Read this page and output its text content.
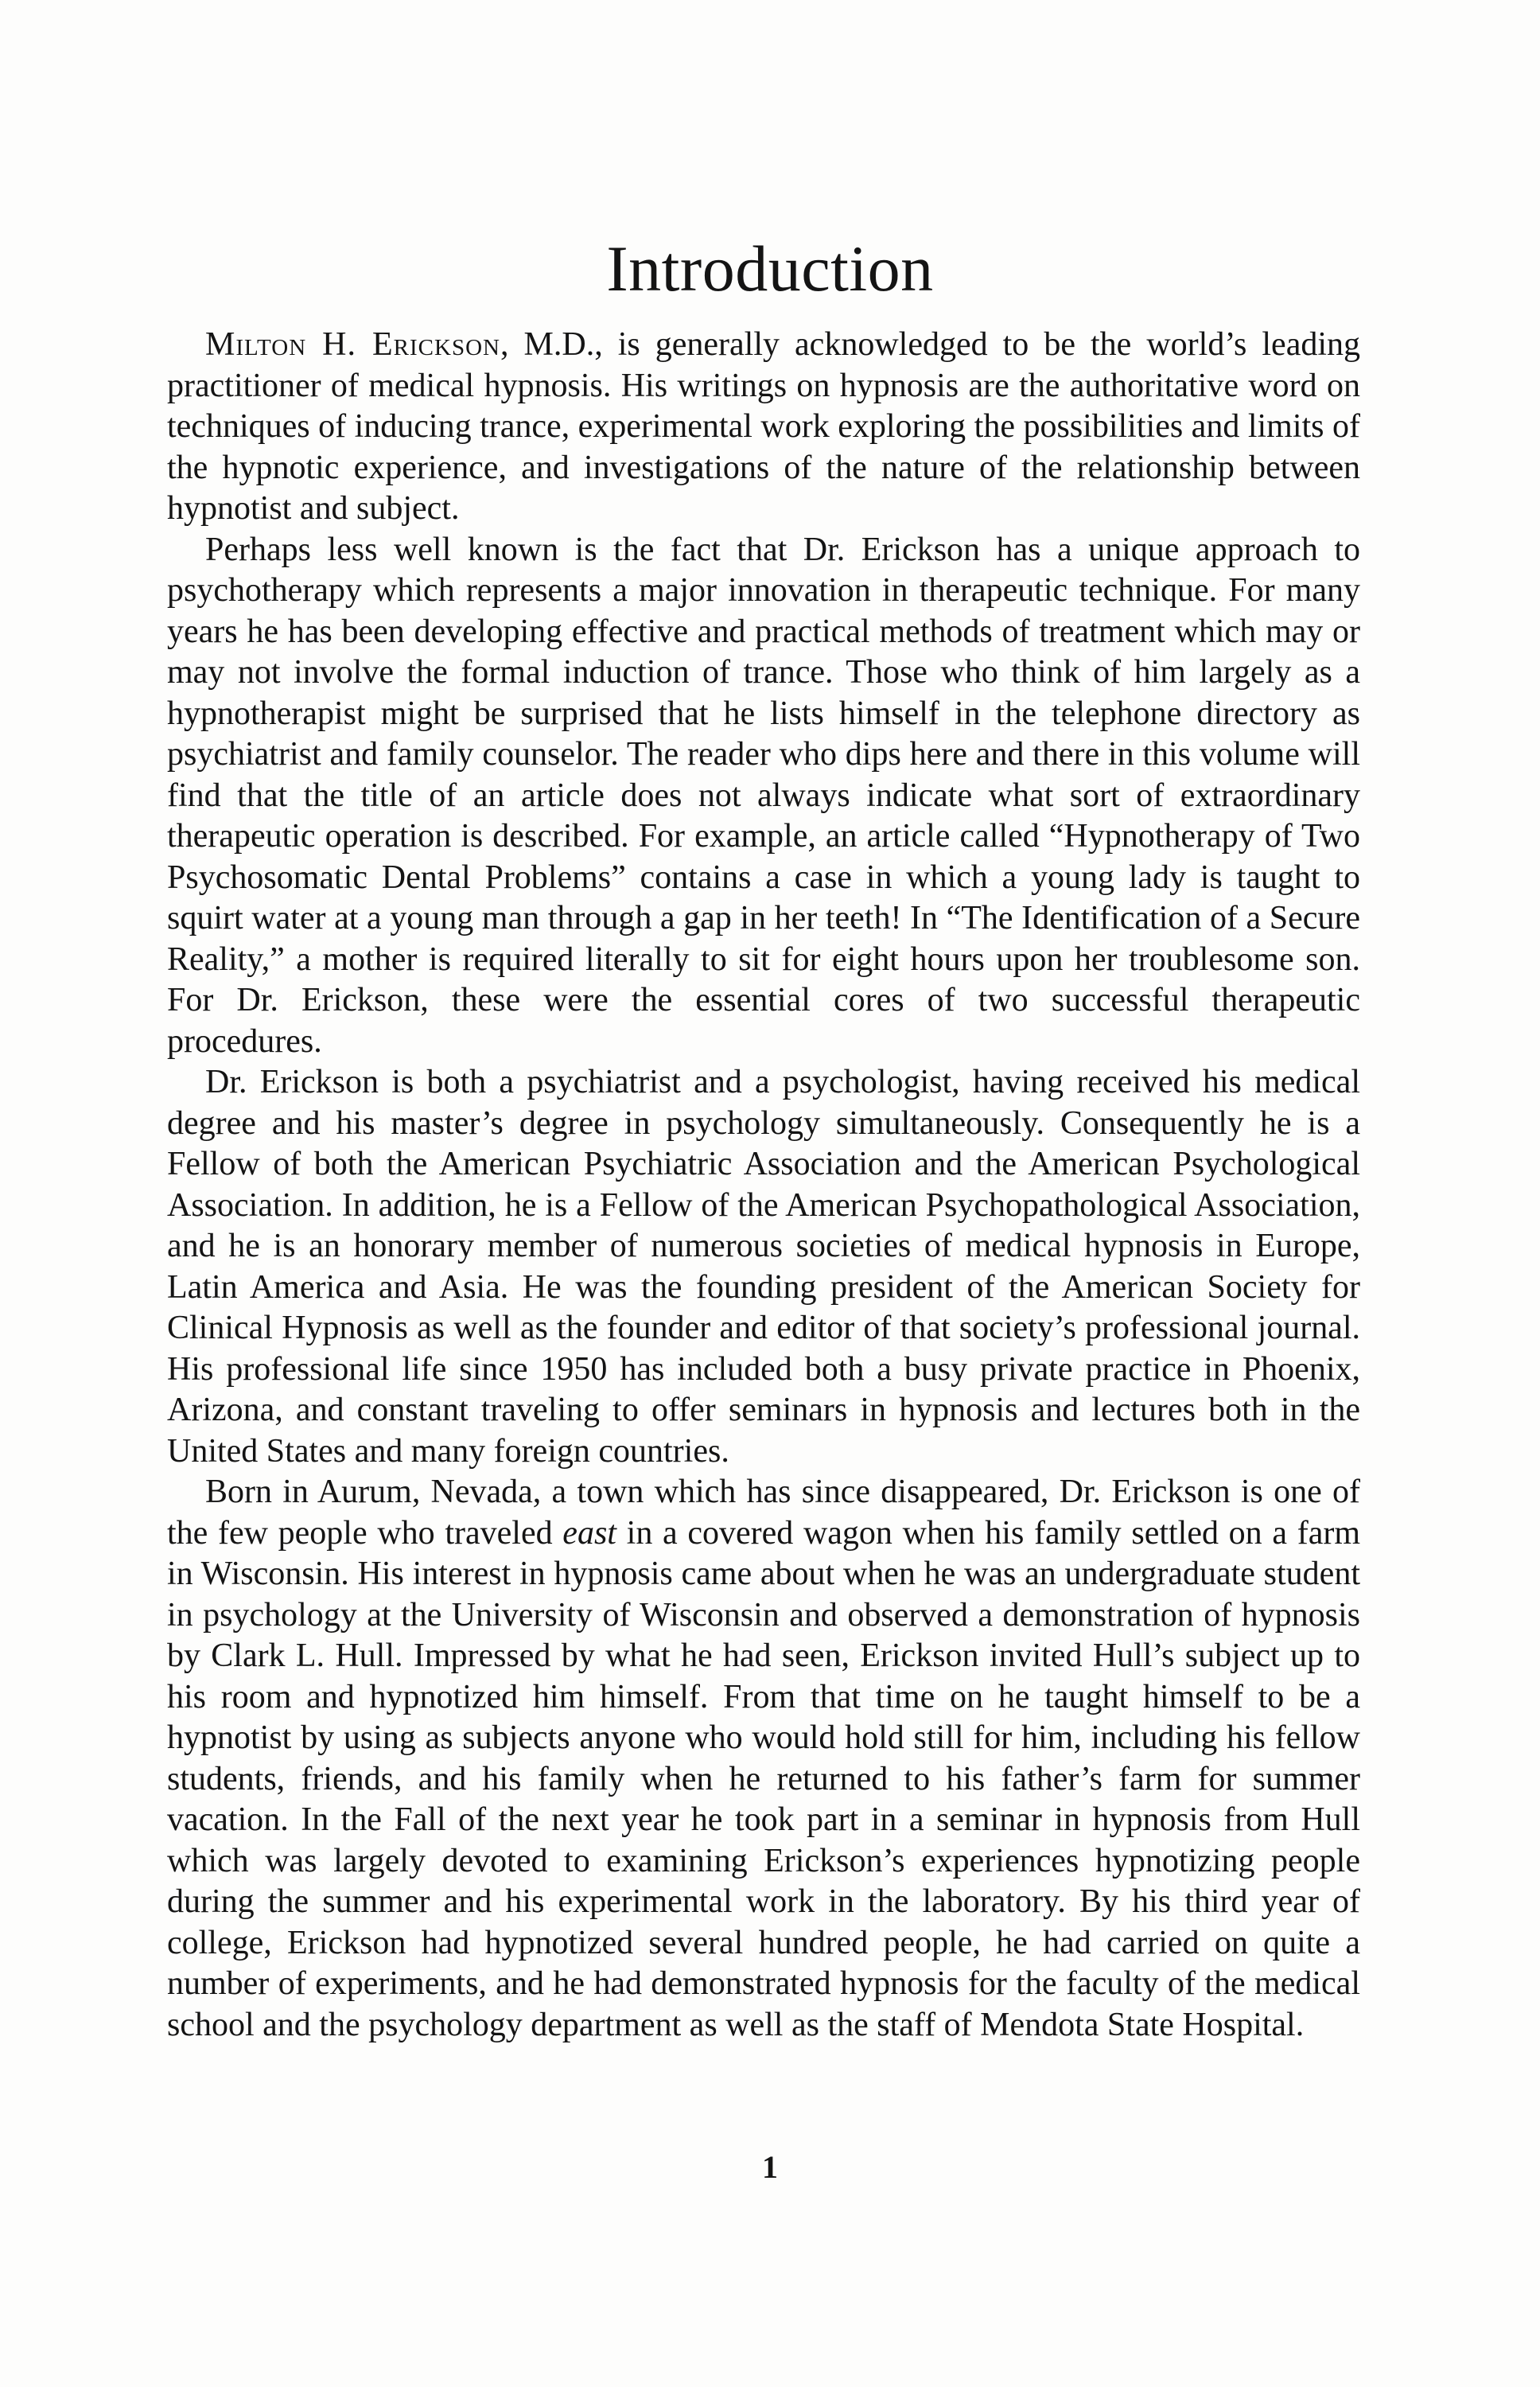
Introduction

Milton H. Erickson, M.D., is generally acknowledged to be the world’s leading practitioner of medical hypnosis. His writings on hypnosis are the authoritative word on techniques of inducing trance, experimental work exploring the possibilities and limits of the hypnotic experience, and investigations of the nature of the relationship between hypnotist and subject.

Perhaps less well known is the fact that Dr. Erickson has a unique approach to psychotherapy which represents a major innovation in therapeutic technique. For many years he has been developing effective and practical methods of treatment which may or may not involve the formal induction of trance. Those who think of him largely as a hypnotherapist might be surprised that he lists himself in the telephone directory as psychiatrist and family counselor. The reader who dips here and there in this volume will find that the title of an article does not always indicate what sort of extraordinary therapeutic operation is described. For example, an article called “Hypnotherapy of Two Psychosomatic Dental Problems” contains a case in which a young lady is taught to squirt water at a young man through a gap in her teeth! In “The Identification of a Secure Reality,” a mother is required literally to sit for eight hours upon her troublesome son. For Dr. Erickson, these were the essential cores of two successful therapeutic procedures.

Dr. Erickson is both a psychiatrist and a psychologist, having received his medical degree and his master’s degree in psychology simultaneously. Consequently he is a Fellow of both the American Psychiatric Association and the American Psychological Association. In addition, he is a Fellow of the American Psychopathological Association, and he is an honorary member of numerous societies of medical hypnosis in Europe, Latin America and Asia. He was the founding president of the American Society for Clinical Hypnosis as well as the founder and editor of that society’s professional journal. His professional life since 1950 has included both a busy private practice in Phoenix, Arizona, and constant traveling to offer seminars in hypnosis and lectures both in the United States and many foreign countries.

Born in Aurum, Nevada, a town which has since disappeared, Dr. Erickson is one of the few people who traveled east in a covered wagon when his family settled on a farm in Wisconsin. His interest in hypnosis came about when he was an undergraduate student in psychology at the University of Wisconsin and observed a demonstration of hypnosis by Clark L. Hull. Impressed by what he had seen, Erickson invited Hull’s subject up to his room and hypnotized him himself. From that time on he taught himself to be a hypnotist by using as subjects anyone who would hold still for him, including his fellow students, friends, and his family when he returned to his father’s farm for summer vacation. In the Fall of the next year he took part in a seminar in hypnosis from Hull which was largely devoted to examining Erickson’s experiences hypnotizing people during the summer and his experimental work in the laboratory. By his third year of college, Erickson had hypnotized several hundred people, he had carried on quite a number of experiments, and he had demonstrated hypnosis for the faculty of the medical school and the psychology department as well as the staff of Mendota State Hospital.

1
